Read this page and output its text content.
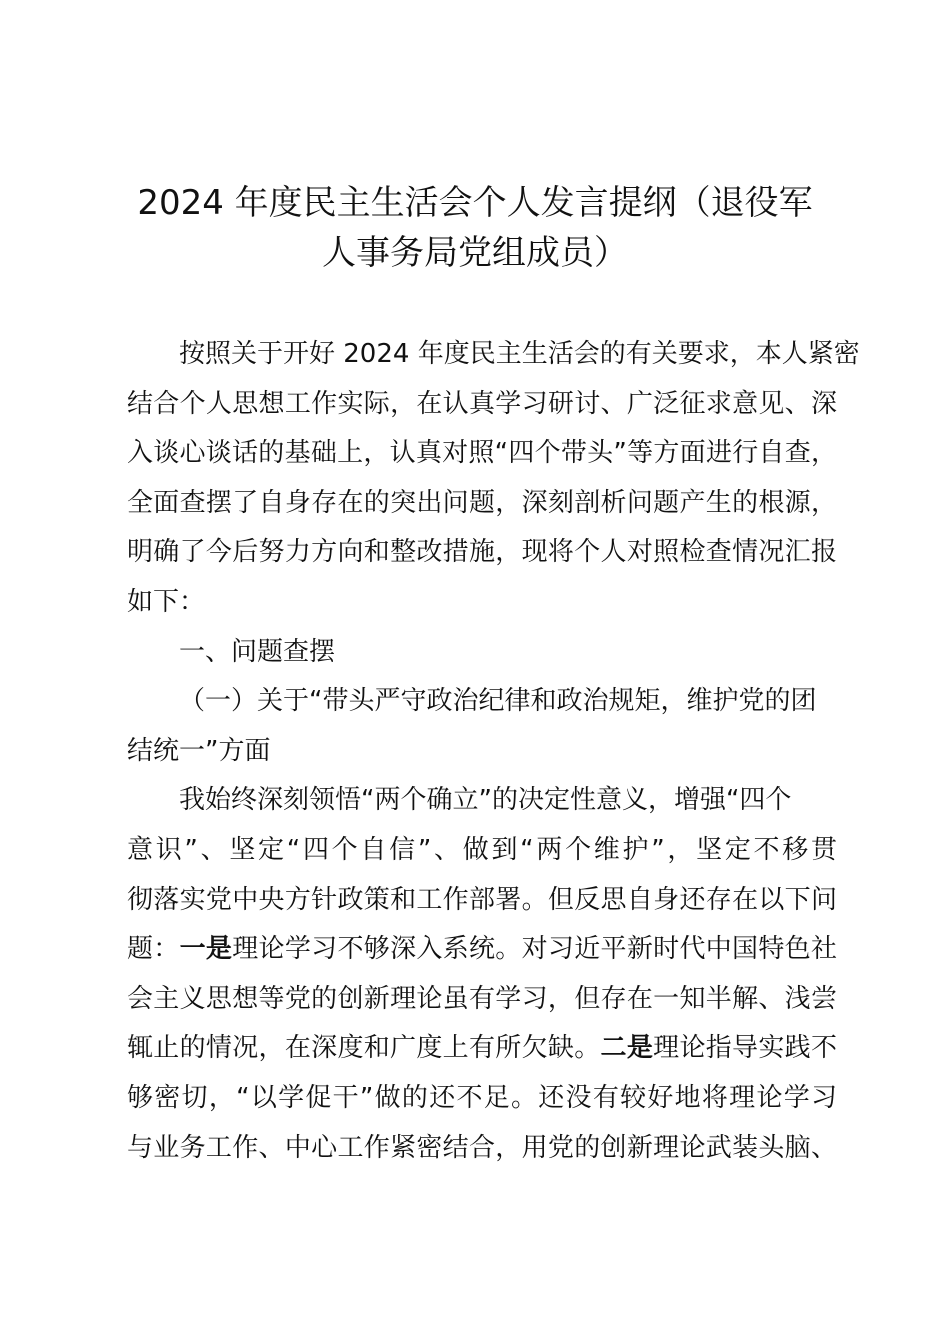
2024 年度民主生活会个人发言提纲（退役军
人事务局党组成员）
按照关于开好 2024 年度民主生活会的有关要求，本人紧密
结合个人思想工作实际，在认真学习研讨、广泛征求意见、深
入谈心谈话的基础上，认真对照“四个带头”等方面进行自查，
全面查摆了自身存在的突出问题，深刻剖析问题产生的根源，
明确了今后努力方向和整改措施，现将个人对照检查情况汇报
如下：
一、问题查摆
（一）关于“带头严守政治纪律和政治规矩，维护党的团
结统一”方面
我始终深刻领悟“两个确立”的决定性意义，增强“四个
意识”、坚定“四个自信”、做到“两个维护”，坚定不移贯
彻落实党中央方针政策和工作部署。但反思自身还存在以下问
题：一是理论学习不够深入系统。对习近平新时代中国特色社
会主义思想等党的创新理论虽有学习，但存在一知半解、浅尝
辄止的情况，在深度和广度上有所欠缺。二是理论指导实践不
够密切，“以学促干”做的还不足。还没有较好地将理论学习
与业务工作、中心工作紧密结合，用党的创新理论武装头脑、
